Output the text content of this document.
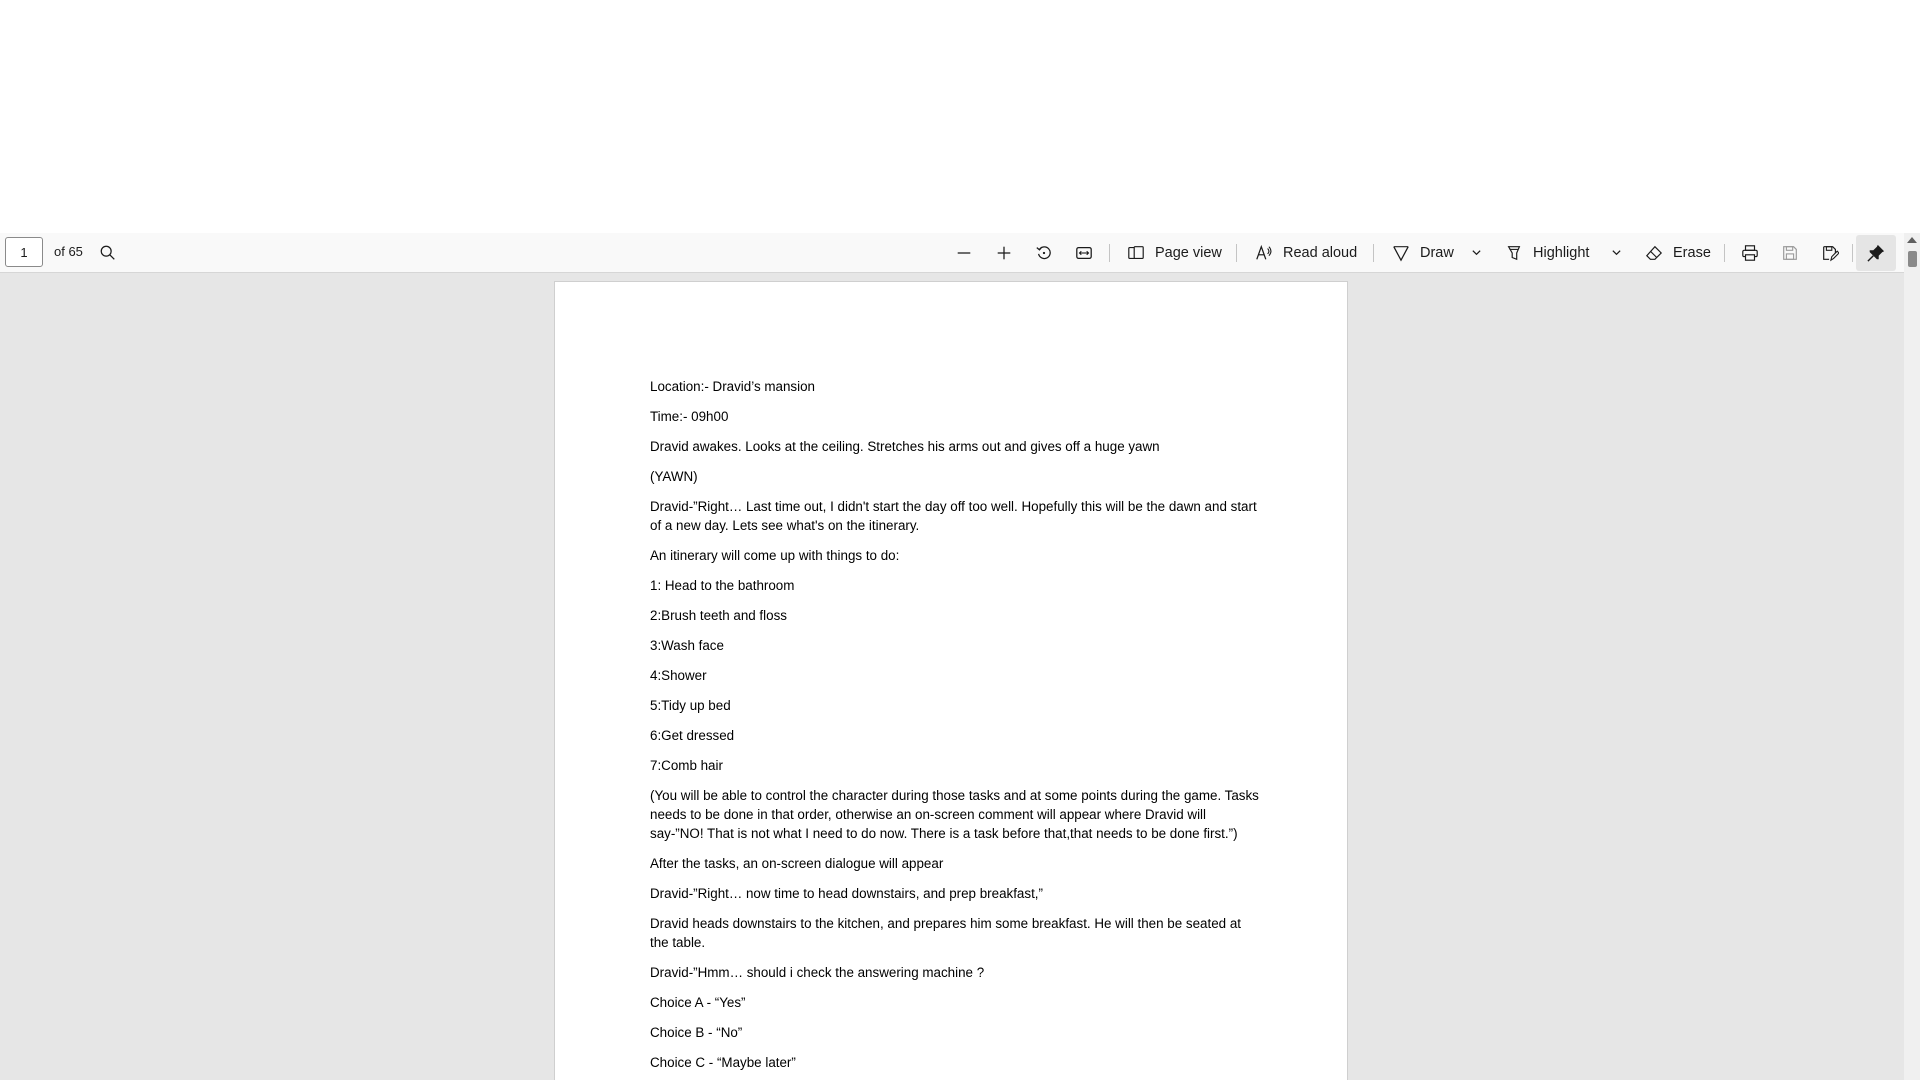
1
of 65	Page view	Read aloud	Draw	Highlight	Erase

Location:- Dravid’s mansion

Time:- 09h00

Dravid awakes. Looks at the ceiling. Stretches his arms out and gives off a huge yawn

(YAWN)

Dravid-”Right… Last time out, I didn't start the day off too well. Hopefully this will be the dawn and start of a new day. Lets see what's on the itinerary.

An itinerary will come up with things to do:

1: Head to the bathroom

2:Brush teeth and floss

3:Wash face

4:Shower

5:Tidy up bed

6:Get dressed

7:Comb hair

(You will be able to control the character during those tasks and at some points during the game. Tasks needs to be done in that order, otherwise an on-screen comment will appear where Dravid will say-”NO! That is not what I need to do now. There is a task before that,that needs to be done first.”)

After the tasks, an on-screen dialogue will appear

Dravid-”Right… now time to head downstairs, and prep breakfast,”

Dravid heads downstairs to the kitchen, and prepares him some breakfast. He will then be seated at the table.

Dravid-”Hmm… should i check the answering machine ?

Choice A - “Yes”

Choice B - “No”

Choice C - “Maybe later”
